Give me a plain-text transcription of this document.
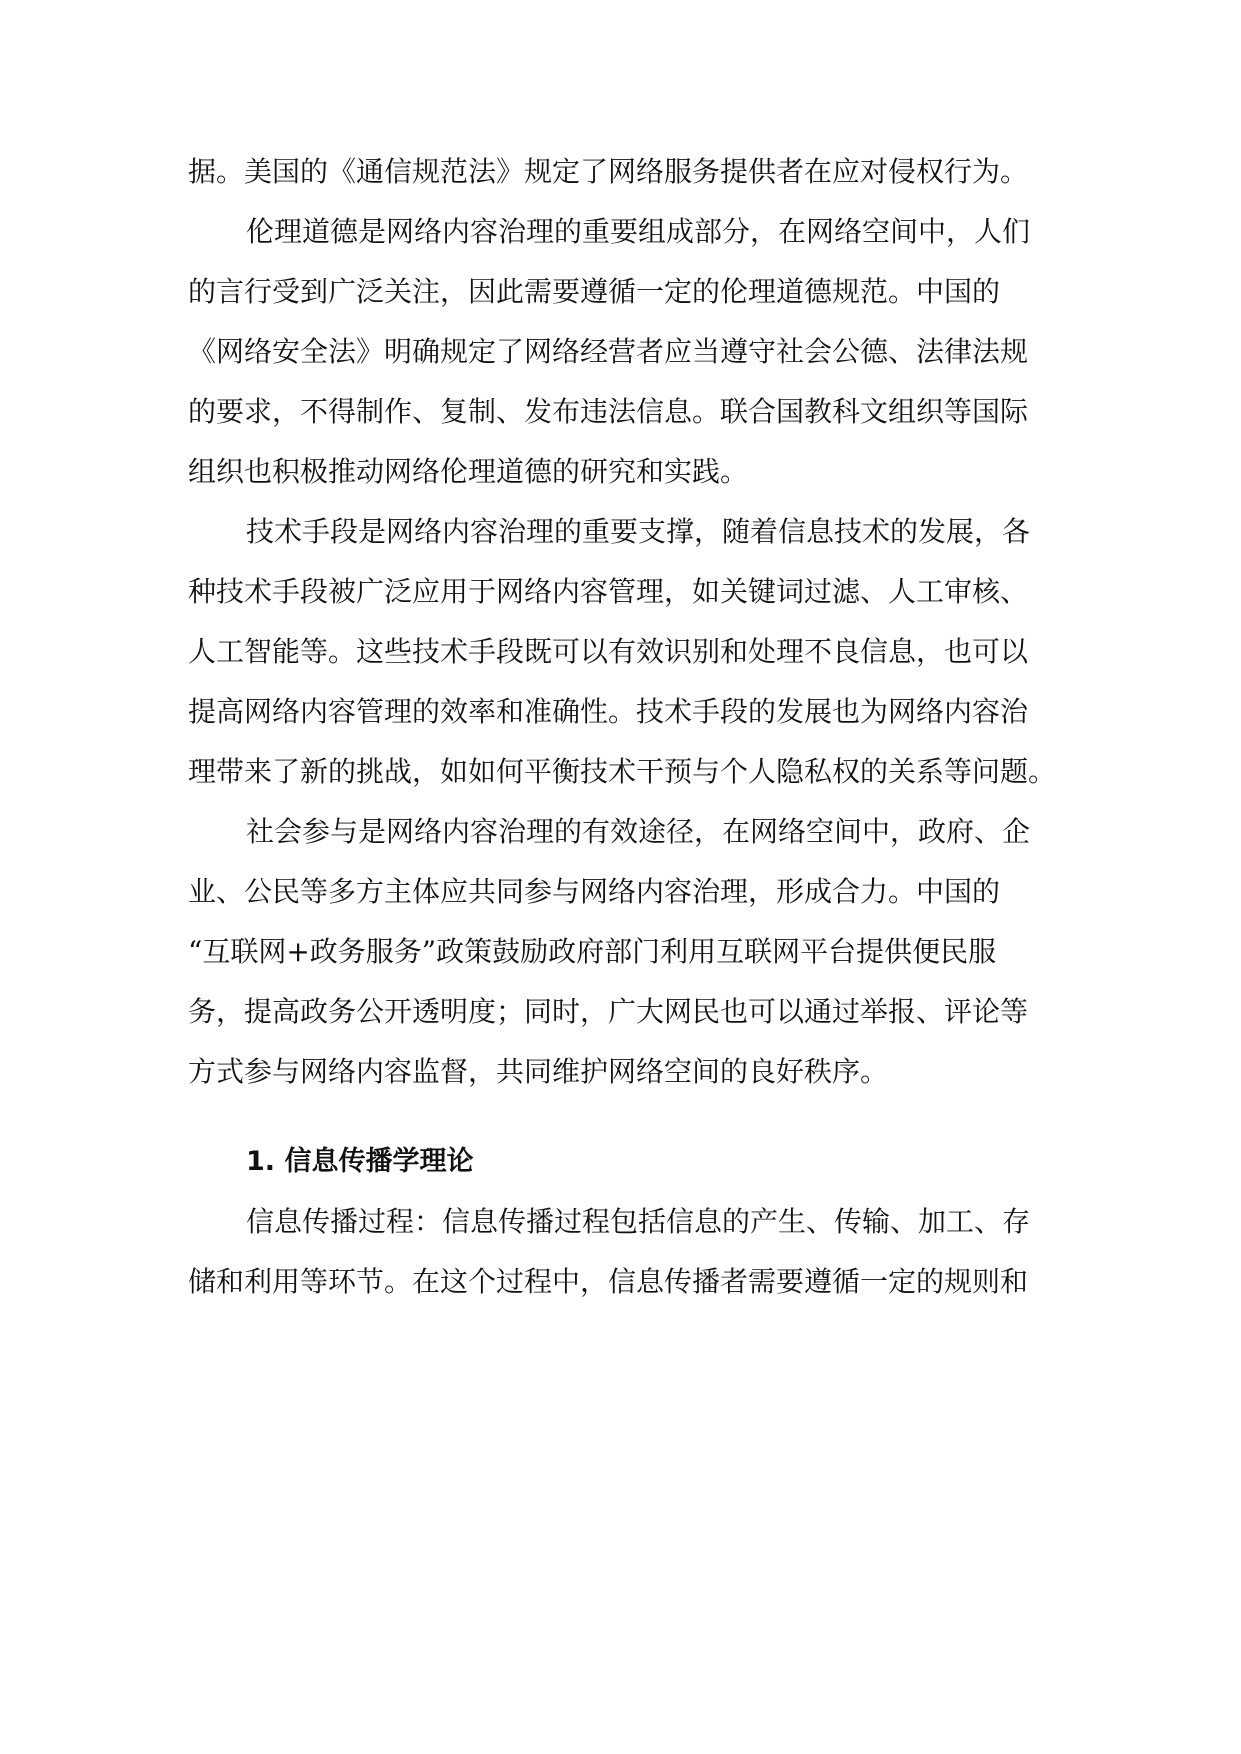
据。美国的《通信规范法》规定了网络服务提供者在应对侵权行为。
伦理道德是网络内容治理的重要组成部分，在网络空间中，人们
的言行受到广泛关注，因此需要遵循一定的伦理道德规范。中国的
《网络安全法》明确规定了网络经营者应当遵守社会公德、法律法规
的要求，不得制作、复制、发布违法信息。联合国教科文组织等国际
组织也积极推动网络伦理道德的研究和实践。
技术手段是网络内容治理的重要支撑，随着信息技术的发展，各
种技术手段被广泛应用于网络内容管理，如关键词过滤、人工审核、
人工智能等。这些技术手段既可以有效识别和处理不良信息，也可以
提高网络内容管理的效率和准确性。技术手段的发展也为网络内容治
理带来了新的挑战，如如何平衡技术干预与个人隐私权的关系等问题。
社会参与是网络内容治理的有效途径，在网络空间中，政府、企
业、公民等多方主体应共同参与网络内容治理，形成合力。中国的
“互联网+政务服务”政策鼓励政府部门利用互联网平台提供便民服
务，提高政务公开透明度；同时，广大网民也可以通过举报、评论等
方式参与网络内容监督，共同维护网络空间的良好秩序。
1. 信息传播学理论
信息传播过程：信息传播过程包括信息的产生、传输、加工、存
储和利用等环节。在这个过程中，信息传播者需要遵循一定的规则和
